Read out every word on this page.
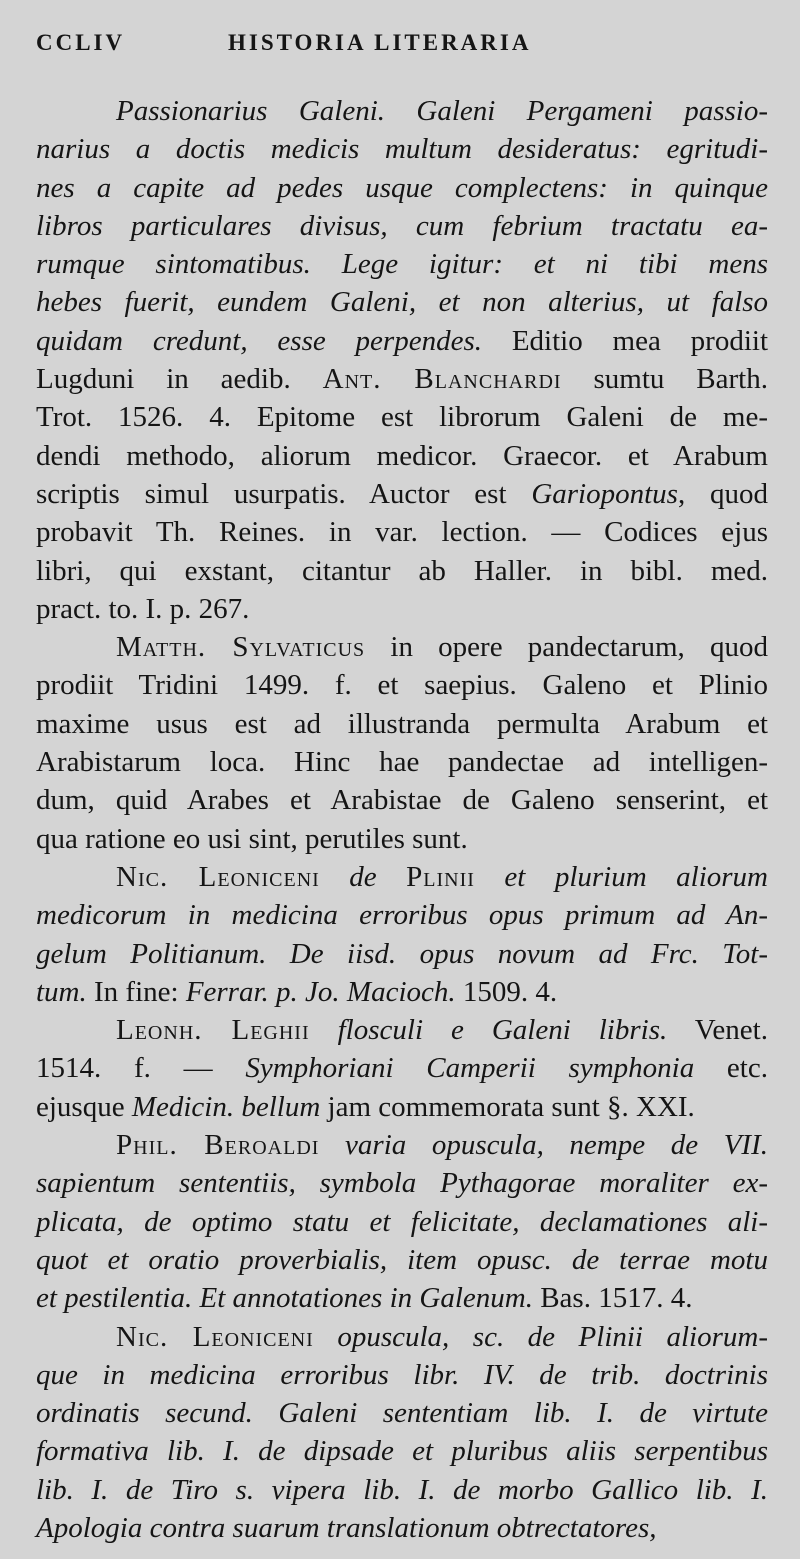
CCLIV	HISTORIA LITERARIA
Passionarius Galeni. Galeni Pergameni passio-
narius a doctis medicis multum desideratus: egritudi-
nes a capite ad pedes usque complectens: in quinque
libros particulares divisus, cum febrium tractatu ea-
rumque sintomatibus. Lege igitur: et ni tibi mens
hebes fuerit, eundem Galeni, et non alterius, ut falso
quidam credunt, esse perpendes. Editio mea prodiit
Lugduni in aedib. Ant. Blanchardi sumtu Barth.
Trot. 1526. 4. Epitome est librorum Galeni de me-
dendi methodo, aliorum medicor. Graecor. et Arabum
scriptis simul usurpatis. Auctor est Gariopontus, quod
probavit Th. Reines. in var. lection. — Codices ejus
libri, qui exstant, citantur ab Haller. in bibl. med.
pract. to. I. p. 267.
Matth. Sylvaticus in opere pandectarum, quod
prodiit Tridini 1499. f. et saepius. Galeno et Plinio
maxime usus est ad illustranda permulta Arabum et
Arabistarum loca. Hinc hae pandectae ad intelligen-
dum, quid Arabes et Arabistae de Galeno senserint, et
qua ratione eo usi sint, perutiles sunt.
Nic. Leoniceni de Plinii et plurium aliorum
medicorum in medicina erroribus opus primum ad An-
gelum Politianum. De iisd. opus novum ad Frc. Tot-
tum. In fine: Ferrar. p. Jo. Macioch. 1509. 4.
Leonh. Leghii flosculi e Galeni libris. Venet.
1514. f. — Symphoriani Camperii symphonia etc.
ejusque Medicin. bellum jam commemorata sunt §. XXI.
Phil. Beroaldi varia opuscula, nempe de VII.
sapientum sententiis, symbola Pythagorae moraliter ex-
plicata, de optimo statu et felicitate, declamationes ali-
quot et oratio proverbialis, item opusc. de terrae motu
et pestilentia. Et annotationes in Galenum. Bas. 1517. 4.
Nic. Leoniceni opuscula, sc. de Plinii aliorum-
que in medicina erroribus libr. IV. de trib. doctrinis
ordinatis secund. Galeni sententiam lib. I. de virtute
formativa lib. I. de dipsade et pluribus aliis serpentibus
lib. I. de Tiro s. vipera lib. I. de morbo Gallico lib. I.
Apologia contra suarum translationum obtrectatores,
